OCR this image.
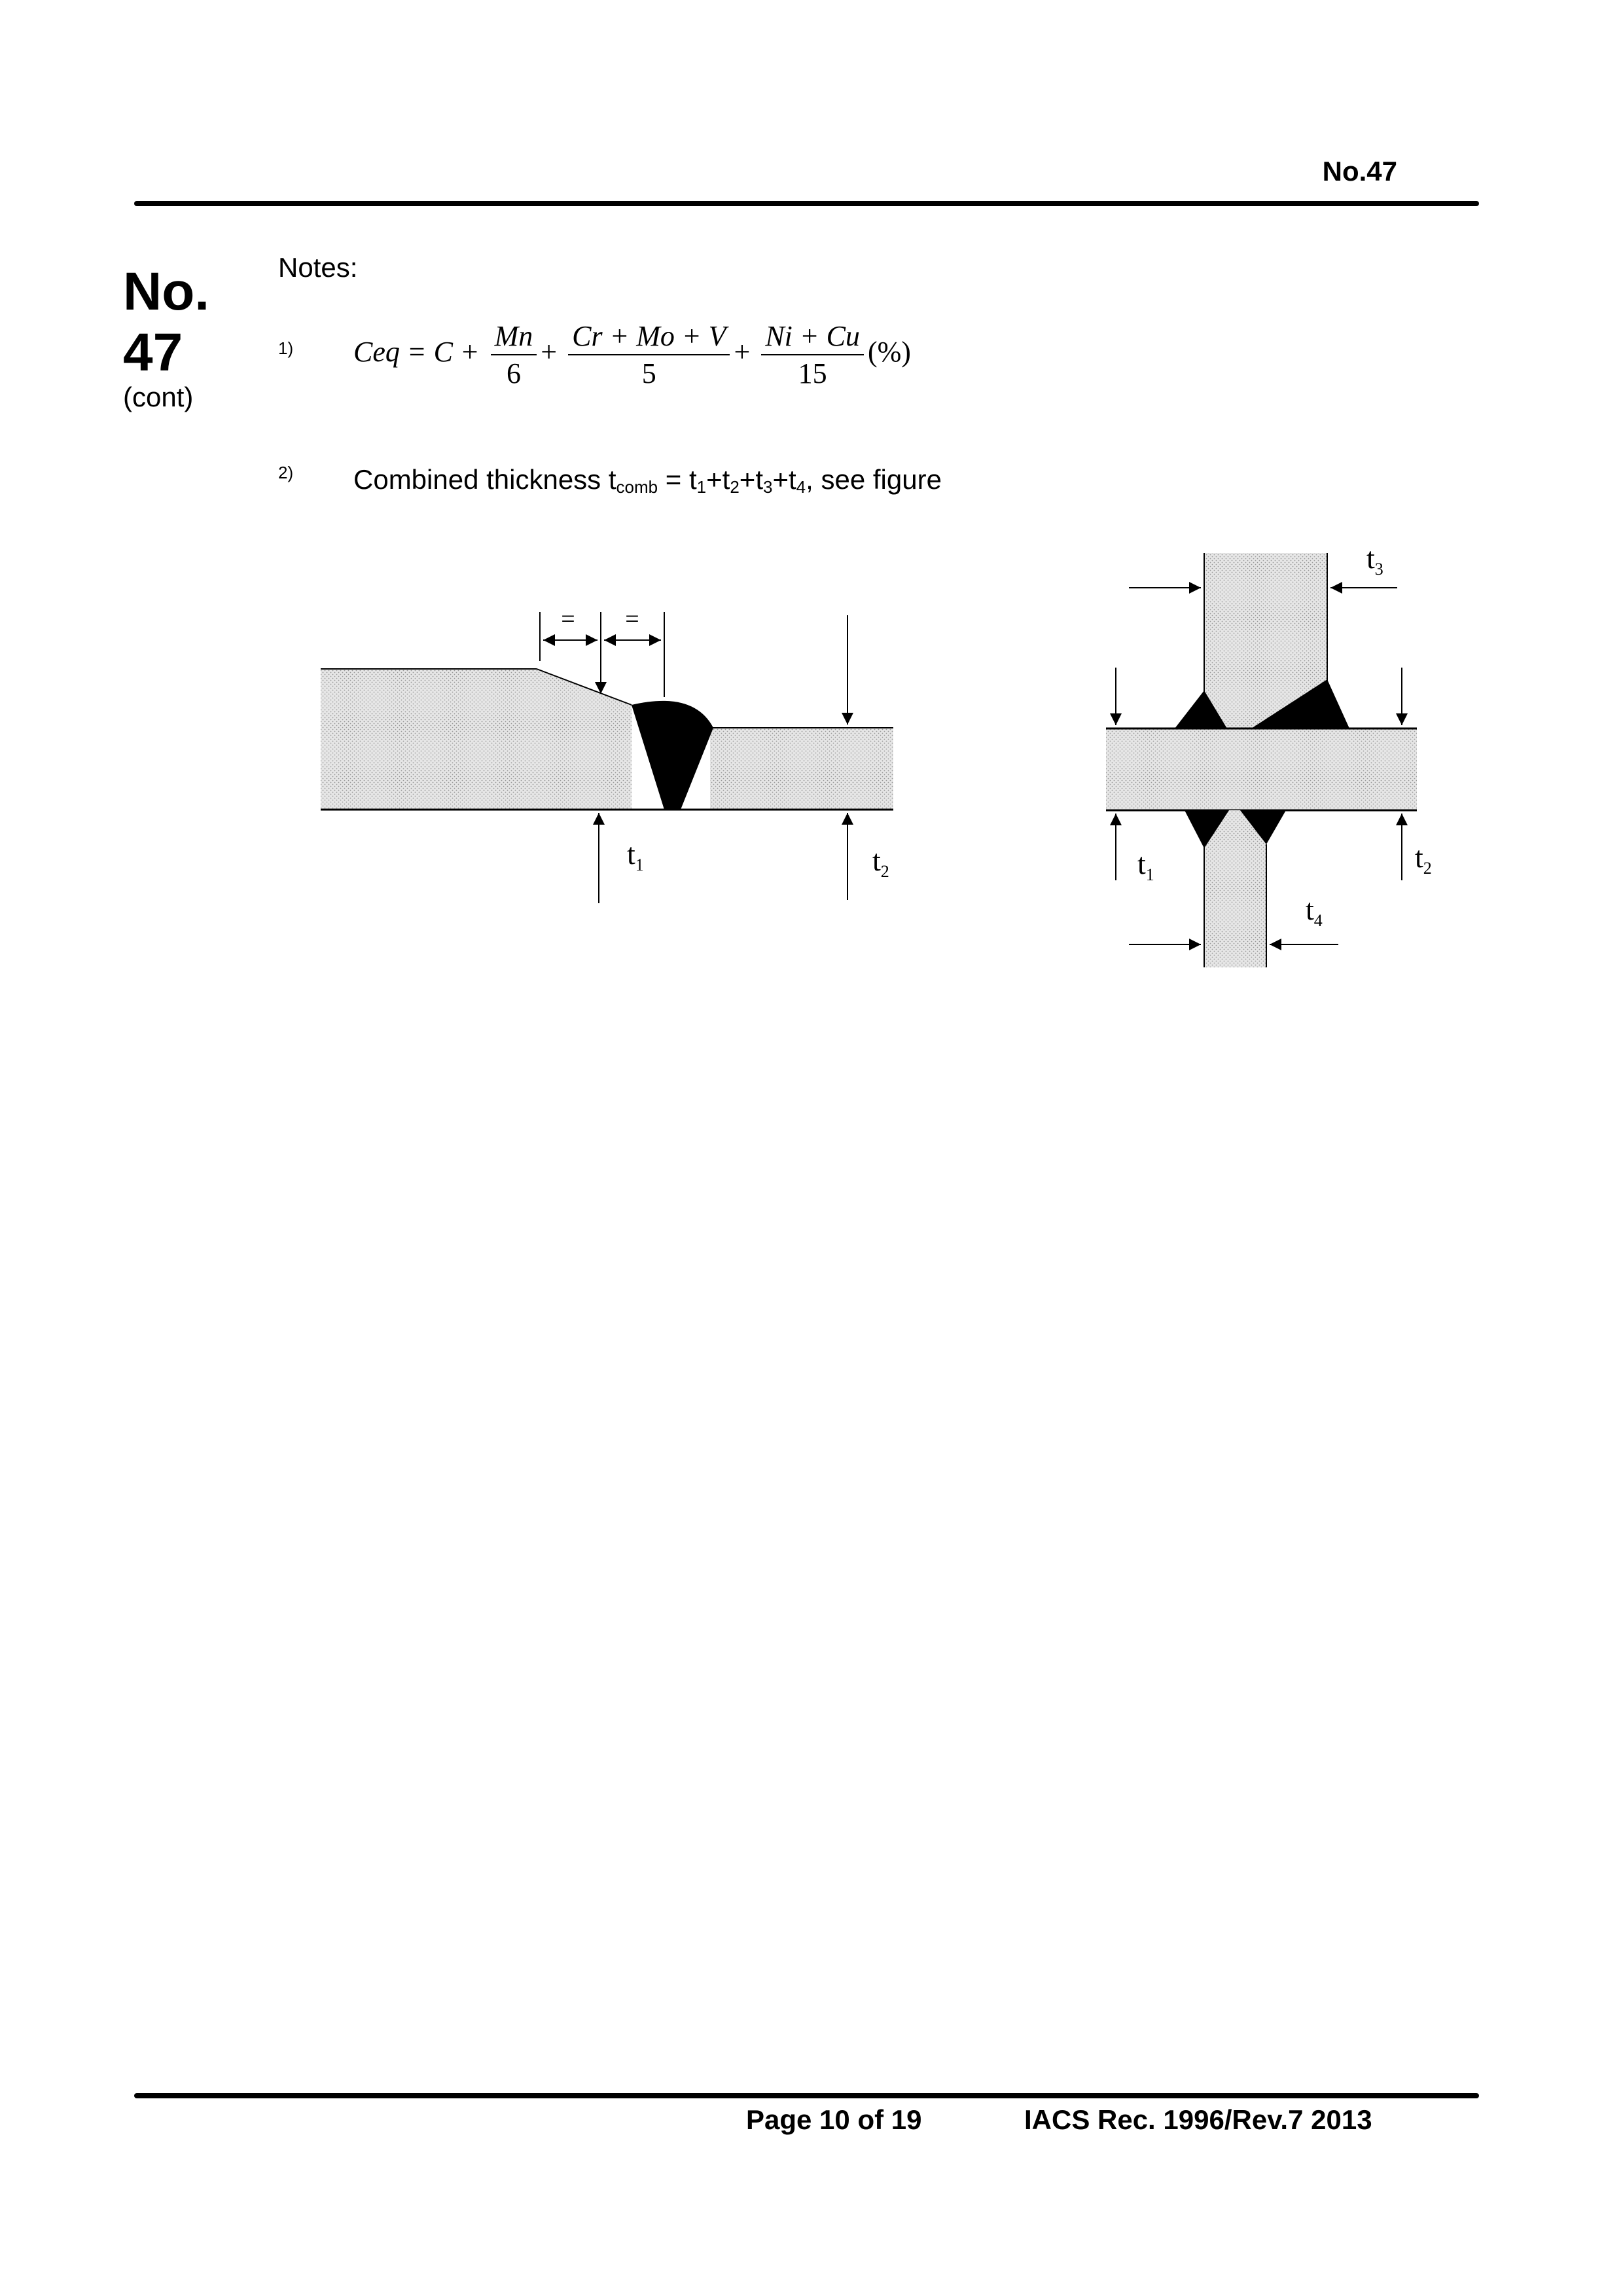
No.47
No.
47
(cont)
Notes:
1) Ceq = $C + \frac{Mn}{6} + \frac{Cr + Mo + V}{5} + \frac{Ni + Cu}{15}$ (%)
2) Combined thickness $t_{comb} = t_1+t_2+t_3+t_4$, see figure
= =
$t_1$	$t_2$
$t_3$
$t_1$
$t_2$
$t_4$
Page 10 of 19	IACS Rec. 1996/Rev.7 2013
